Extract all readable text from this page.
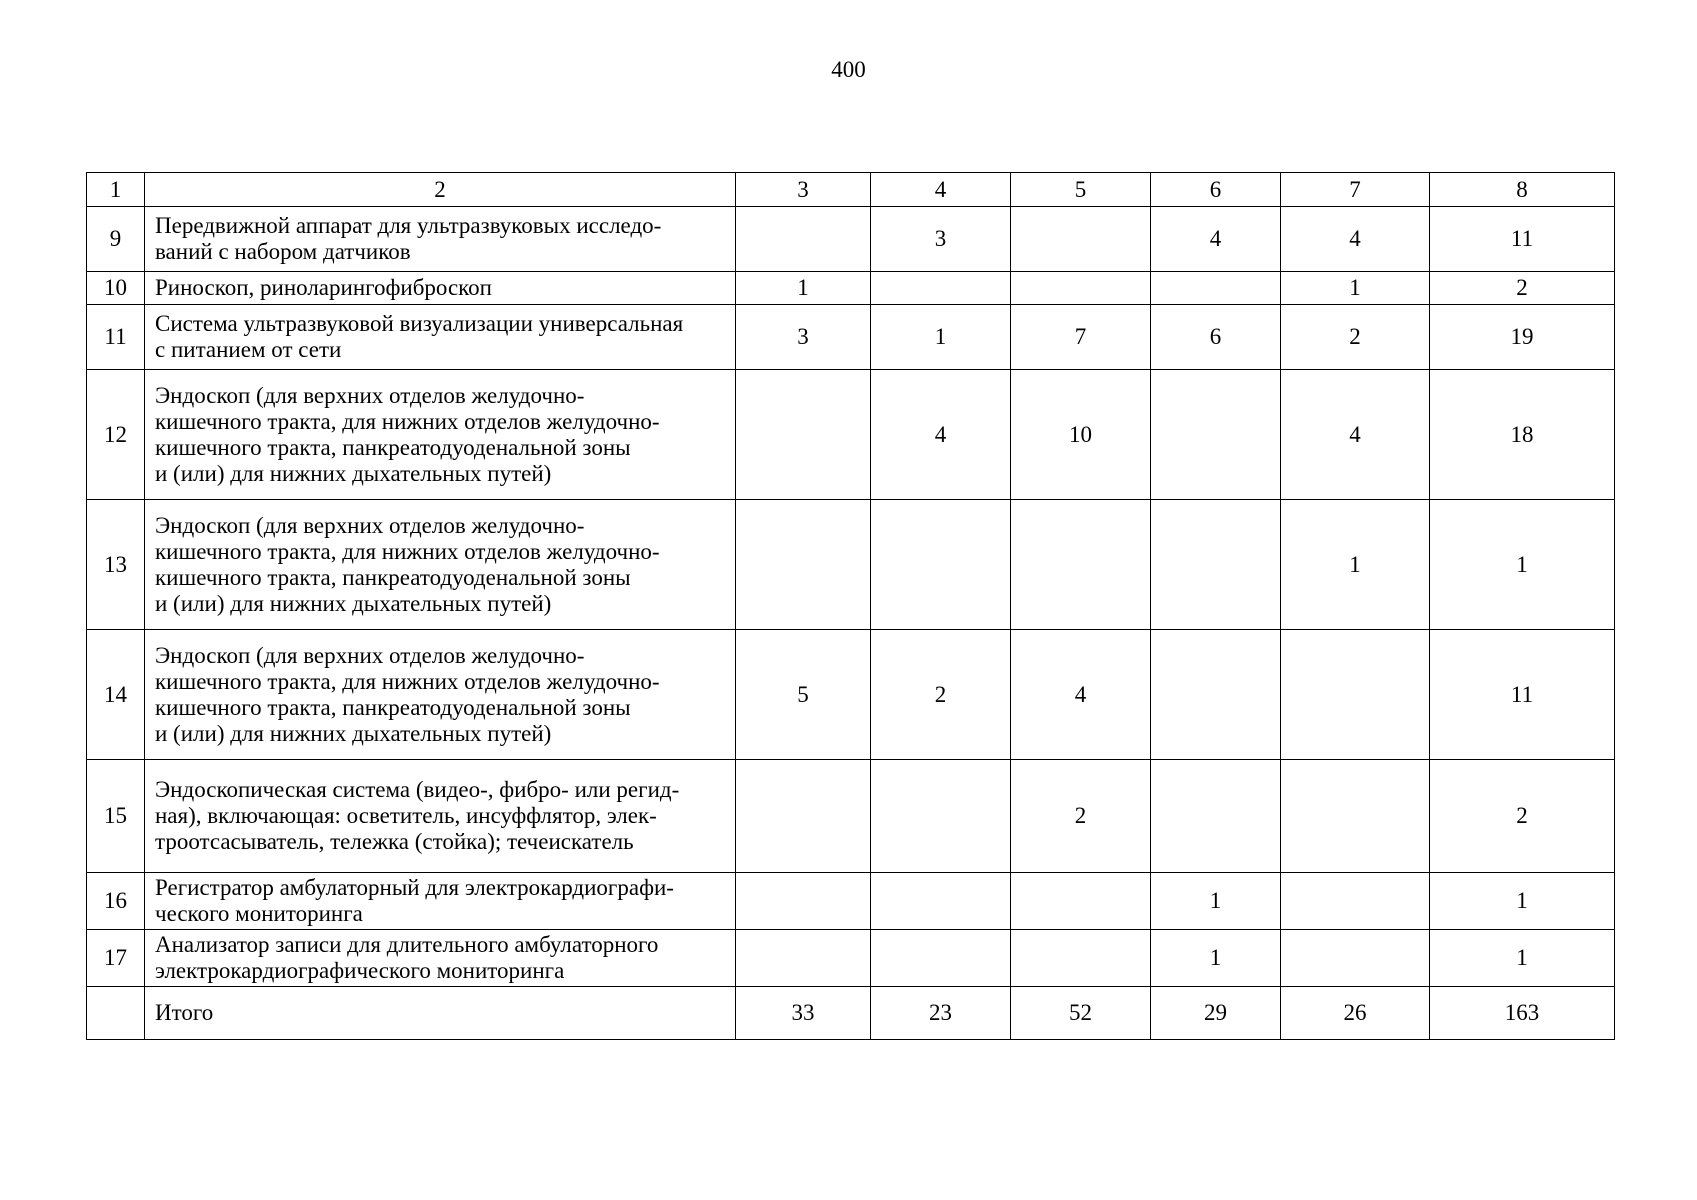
400
1	2	3	4	5	6	7	8
9	Передвижной аппарат для ультразвуковых исследо-
ваний с набором датчиков		3		4	4	11
10	Риноскоп, риноларингофиброскоп	1				1	2
11	Система ультразвуковой визуализации универсальная
с питанием от сети	3	1	7	6	2	19
12	Эндоскоп (для верхних отделов желудочно-
кишечного тракта, для нижних отделов желудочно-
кишечного тракта, панкреатодуоденальной зоны
и (или) для нижних дыхательных путей)		4	10		4	18
13	Эндоскоп (для верхних отделов желудочно-
кишечного тракта, для нижних отделов желудочно-
кишечного тракта, панкреатодуоденальной зоны
и (или) для нижних дыхательных путей)					1	1
14	Эндоскоп (для верхних отделов желудочно-
кишечного тракта, для нижних отделов желудочно-
кишечного тракта, панкреатодуоденальной зоны
и (или) для нижних дыхательных путей)	5	2	4			11
15	Эндоскопическая система (видео-, фибро- или регид-
ная), включающая: осветитель, инсуффлятор, элек-
троотсасыватель, тележка (стойка); течеискатель			2			2
16	Регистратор амбулаторный для электрокардиографи-
ческого мониторинга				1		1
17	Анализатор записи для длительного амбулаторного
электрокардиографического мониторинга				1		1
	Итого	33	23	52	29	26	163
